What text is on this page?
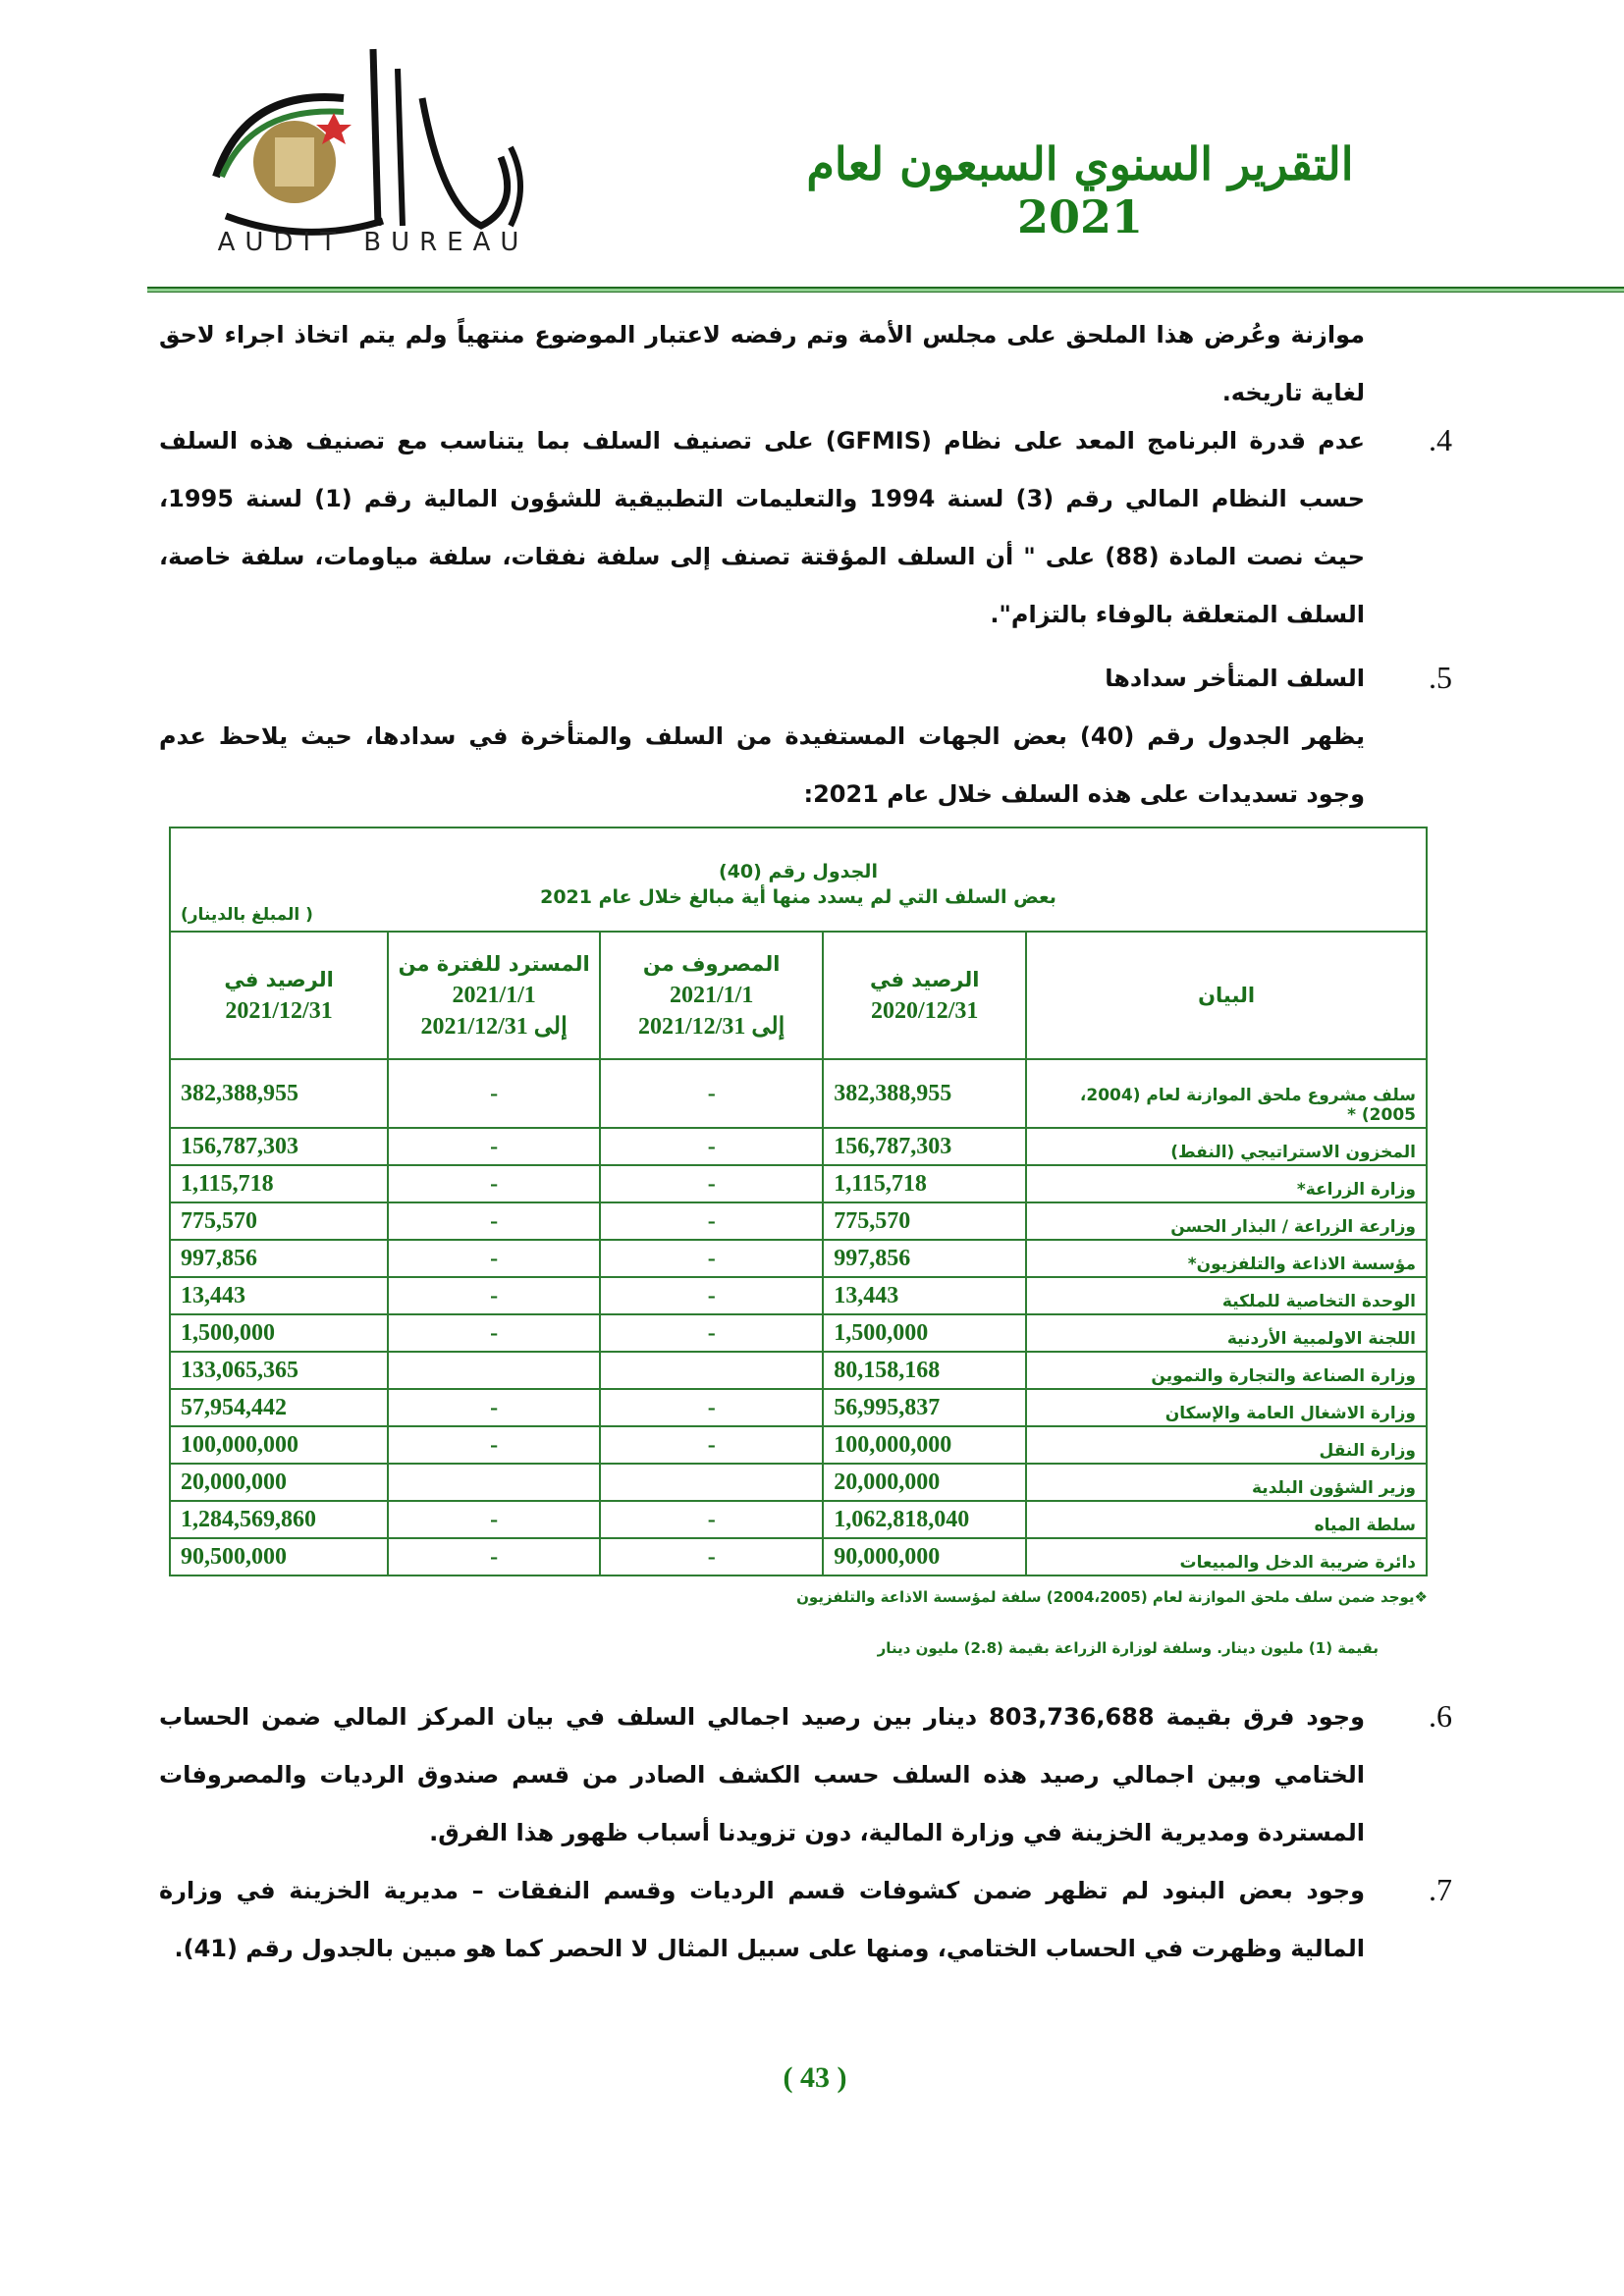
AUDIT BUREAU
التقرير السنوي السبعون لعام 2021
موازنة وعُرض هذا الملحق على مجلس الأمة وتم رفضه لاعتبار الموضوع منتهياً ولم يتم اتخاذ اجراء لاحق لغاية تاريخه.
.4
عدم قدرة البرنامج المعد على نظام (GFMIS) على تصنيف السلف بما يتناسب مع تصنيف هذه السلف حسب النظام المالي رقم (3) لسنة 1994 والتعليمات التطبيقية للشؤون المالية رقم (1) لسنة 1995، حيث نصت المادة (88) على " أن السلف المؤقتة تصنف إلى سلفة نفقات، سلفة مياومات، سلفة خاصة، السلف المتعلقة بالوفاء بالتزام".
.5
السلف المتأخر سدادها
يظهر الجدول رقم (40) بعض الجهات المستفيدة من السلف والمتأخرة في سدادها، حيث يلاحظ عدم وجود تسديدات على هذه السلف خلال عام 2021:
الجدول رقم (40)
بعض السلف التي لم يسدد منها أية مبالغ خلال عام 2021
( المبلغ بالدينار)				

البيان	
الرصيد في
2020/12/31

المصروف من
2021/1/1
إلى 2021/12/31

المسترد للفترة من
2021/1/1
إلى 2021/12/31

الرصيد في
2021/12/31

سلف مشروع ملحق الموازنة لعام (2004، 2005) *	382,388,955	-	-	382,388,955
المخزون الاستراتيجي (النفط)	156,787,303	-	-	156,787,303
وزارة الزراعة*	1,115,718	-	-	1,115,718
وزارعة الزراعة / البذار الحسن	775,570	-	-	775,570
مؤسسة الاذاعة والتلفزيون*	997,856	-	-	997,856
الوحدة التخاصية للملكية	13,443	-	-	13,443
اللجنة الاولمبية الأردنية	1,500,000	-	-	1,500,000
وزارة الصناعة والتجارة والتموين	80,158,168			133,065,365
وزارة الاشغال العامة والإسكان	56,995,837	-	-	57,954,442
وزارة النقل	100,000,000	-	-	100,000,000
وزير الشؤون البلدية	20,000,000			20,000,000
سلطة المياه	1,062,818,040	-	-	1,284,569,860
دائرة ضريبة الدخل والمبيعات	90,000,000	-	-	90,500,000
❖يوجد ضمن سلف ملحق الموازنة لعام (2004،2005) سلفة لمؤسسة الاذاعة والتلفزيون
بقيمة (1) مليون دينار. وسلفة لوزارة الزراعة بقيمة (2.8) مليون دينار
.6
وجود فرق بقيمة 803,736,688 دينار بين رصيد اجمالي السلف في بيان المركز المالي ضمن الحساب الختامي وبين اجمالي رصيد هذه السلف حسب الكشف الصادر من قسم صندوق الرديات والمصروفات المستردة ومديرية الخزينة في وزارة المالية، دون تزويدنا أسباب ظهور هذا الفرق.
.7
وجود بعض البنود لم تظهر ضمن كشوفات قسم الرديات وقسم النفقات – مديرية الخزينة في وزارة المالية وظهرت في الحساب الختامي، ومنها على سبيل المثال لا الحصر كما هو مبين بالجدول رقم (41).
( 43 )
